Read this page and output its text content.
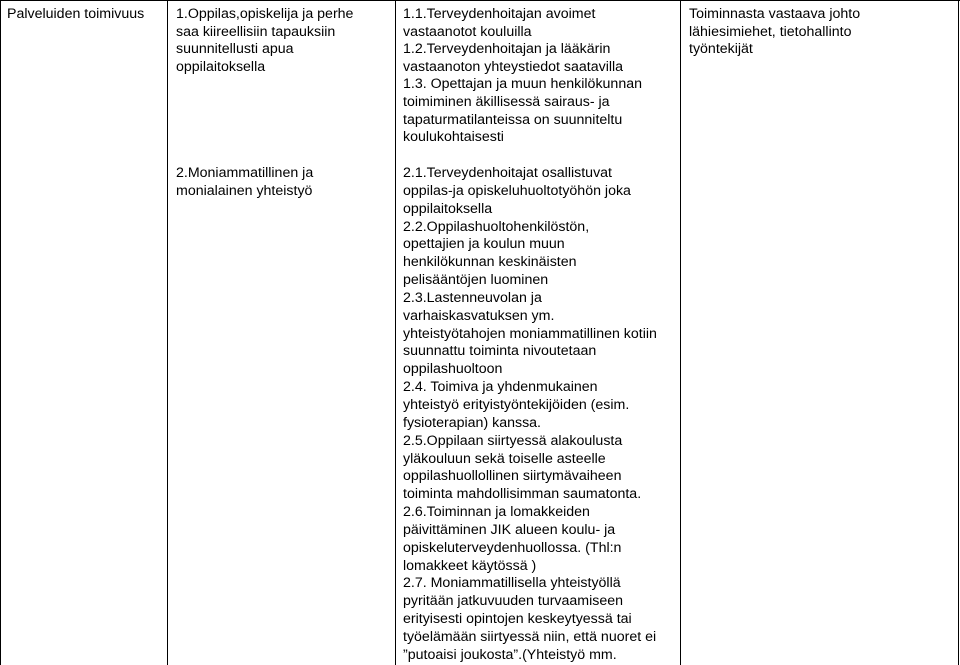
Palveluiden toimivuus 1.Oppilas,opiskelija ja perhe
saa kiireellisiin tapauksiin
suunnitellusti apua
oppilaitoksella
1.1.Terveydenhoitajan avoimet
vastaanotot kouluilla
1.2.Terveydenhoitajan ja lääkärin
vastaanoton yhteystiedot saatavilla
1.3. Opettajan ja muun henkilökunnan
toimiminen äkillisessä sairaus- ja
tapaturmatilanteissa on suunniteltu
koulukohtaisesti
Toiminnasta vastaava johto
lähiesimiehet, tietohallinto
työntekijät
2.Moniammatillinen ja
monialainen yhteistyö
2.1.Terveydenhoitajat osallistuvat
oppilas-ja opiskeluhuoltotyöhön joka
oppilaitoksella
2.2.Oppilashuoltohenkilöstön,
opettajien ja koulun muun
henkilökunnan keskinäisten
pelisääntöjen luominen
2.3.Lastenneuvolan ja
varhaiskasvatuksen ym.
yhteistyötahojen moniammatillinen kotiin
suunnattu toiminta nivoutetaan
oppilashuoltoon
2.4. Toimiva ja yhdenmukainen
yhteistyö erityistyöntekijöiden (esim.
fysioterapian) kanssa.
2.5.Oppilaan siirtyessä alakoulusta
yläkouluun sekä toiselle asteelle
oppilashuollollinen siirtymävaiheen
toiminta mahdollisimman saumatonta.
2.6.Toiminnan ja lomakkeiden
päivittäminen JIK alueen koulu- ja
opiskeluterveydenhuollossa. (Thl:n
lomakkeet käytössä )
2.7. Moniammatillisella yhteistyöllä
pyritään jatkuvuuden turvaamiseen
erityisesti opintojen keskeytyessä tai
työelämään siirtyessä niin, että nuoret ei
”putoaisi joukosta”.(Yhteistyö mm.
